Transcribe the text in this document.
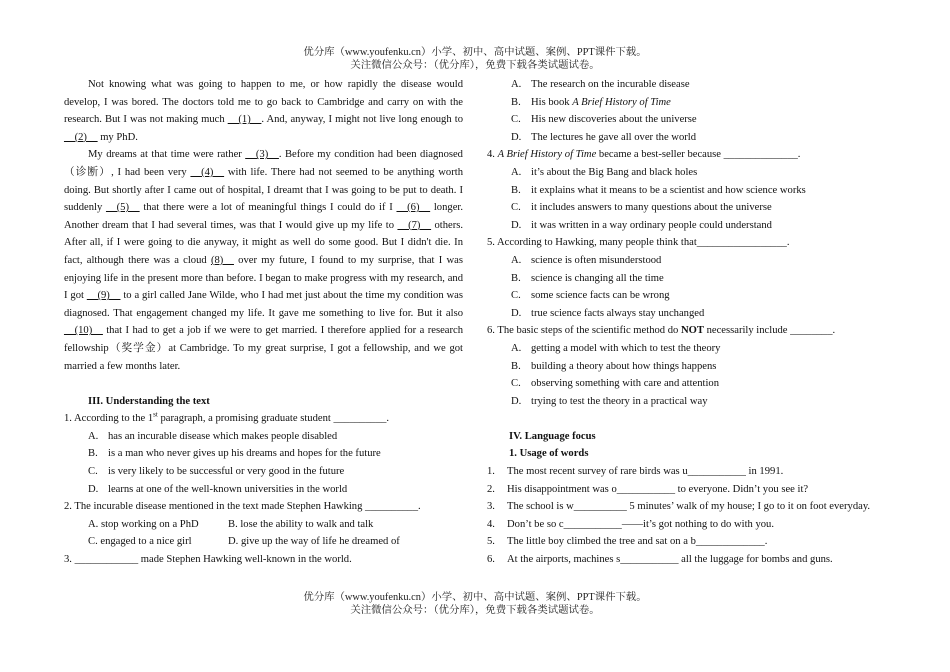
优分库（www.youfenku.cn）小学、初中、高中试题、案例、PPT课件下载。
关注微信公众号：（优分库），免费下载各类试题试卷。

Not knowing what was going to happen to me, or how rapidly the disease would develop, I was bored. The doctors told me to go back to Cambridge and carry on with the research. But I was not making much __(1)__. And, anyway, I might not live long enough to __(2)__ my PhD.

My dreams at that time were rather __(3)__. Before my condition had been diagnosed（诊断）, I had been very __(4)__ with life. There had not seemed to be anything worth doing. But shortly after I came out of hospital, I dreamt that I was going to be put to death. I suddenly __(5)__ that there were a lot of meaningful things I could do if I __(6)__ longer. Another dream that I had several times, was that I would give up my life to __(7)__ others. After all, if I were going to die anyway, it might as well do some good. But I didn't die. In fact, although there was a cloud (8)__ over my future, I found to my surprise, that I was enjoying life in the present more than before. I began to make progress with my research, and I got __(9)__ to a girl called Jane Wilde, who I had met just about the time my condition was diagnosed. That engagement changed my life. It gave me something to live for. But it also __(10)__ that I had to get a job if we were to get married. I therefore applied for a research fellowship（奖学金）at Cambridge. To my great surprise, I got a fellowship, and we got married a few months later.

III. Understanding the text
1. According to the 1st paragraph, a promising graduate student __________.
A. has an incurable disease which makes people disabled
B. is a man who never gives up his dreams and hopes for the future
C. is very likely to be successful or very good in the future
D. learns at one of the well-known universities in the world
2. The incurable disease mentioned in the text made Stephen Hawking __________.
A. stop working on a PhD	B. lose the ability to walk and talk
C. engaged to a nice girl	D. give up the way of life he dreamed of
3. ____________ made Stephen Hawking well-known in the world.
A. The research on the incurable disease
B. His book A Brief History of Time
C. His new discoveries about the universe
D. The lectures he gave all over the world
4. A Brief History of Time became a best-seller because ______________.
A. it’s about the Big Bang and black holes
B. it explains what it means to be a scientist and how science works
C. it includes answers to many questions about the universe
D. it was written in a way ordinary people could understand
5. According to Hawking, many people think that_________________.
A. science is often misunderstood
B. science is changing all the time
C. some science facts can be wrong
D. true science facts always stay unchanged
6. The basic steps of the scientific method do NOT necessarily include ________.
A. getting a model with which to test the theory
B. building a theory about how things happens
C. observing something with care and attention
D. trying to test the theory in a practical way
IV. Language focus
1. Usage of words
1.	The most recent survey of rare birds was u___________ in 1991.
2.	His disappointment was o___________ to everyone. Didn’t you see it?
3.	The school is w__________ 5 minutes’ walk of my house; I go to it on foot everyday.
4.	Don’t be so c___________——it’s got nothing to do with you.
5.	The little boy climbed the tree and sat on a b_____________.
6.	At the airports, machines s___________ all the luggage for bombs and guns.
优分库（www.youfenku.cn）小学、初中、高中试题、案例、PPT课件下载。
关注微信公众号：（优分库），免费下载各类试题试卷。
